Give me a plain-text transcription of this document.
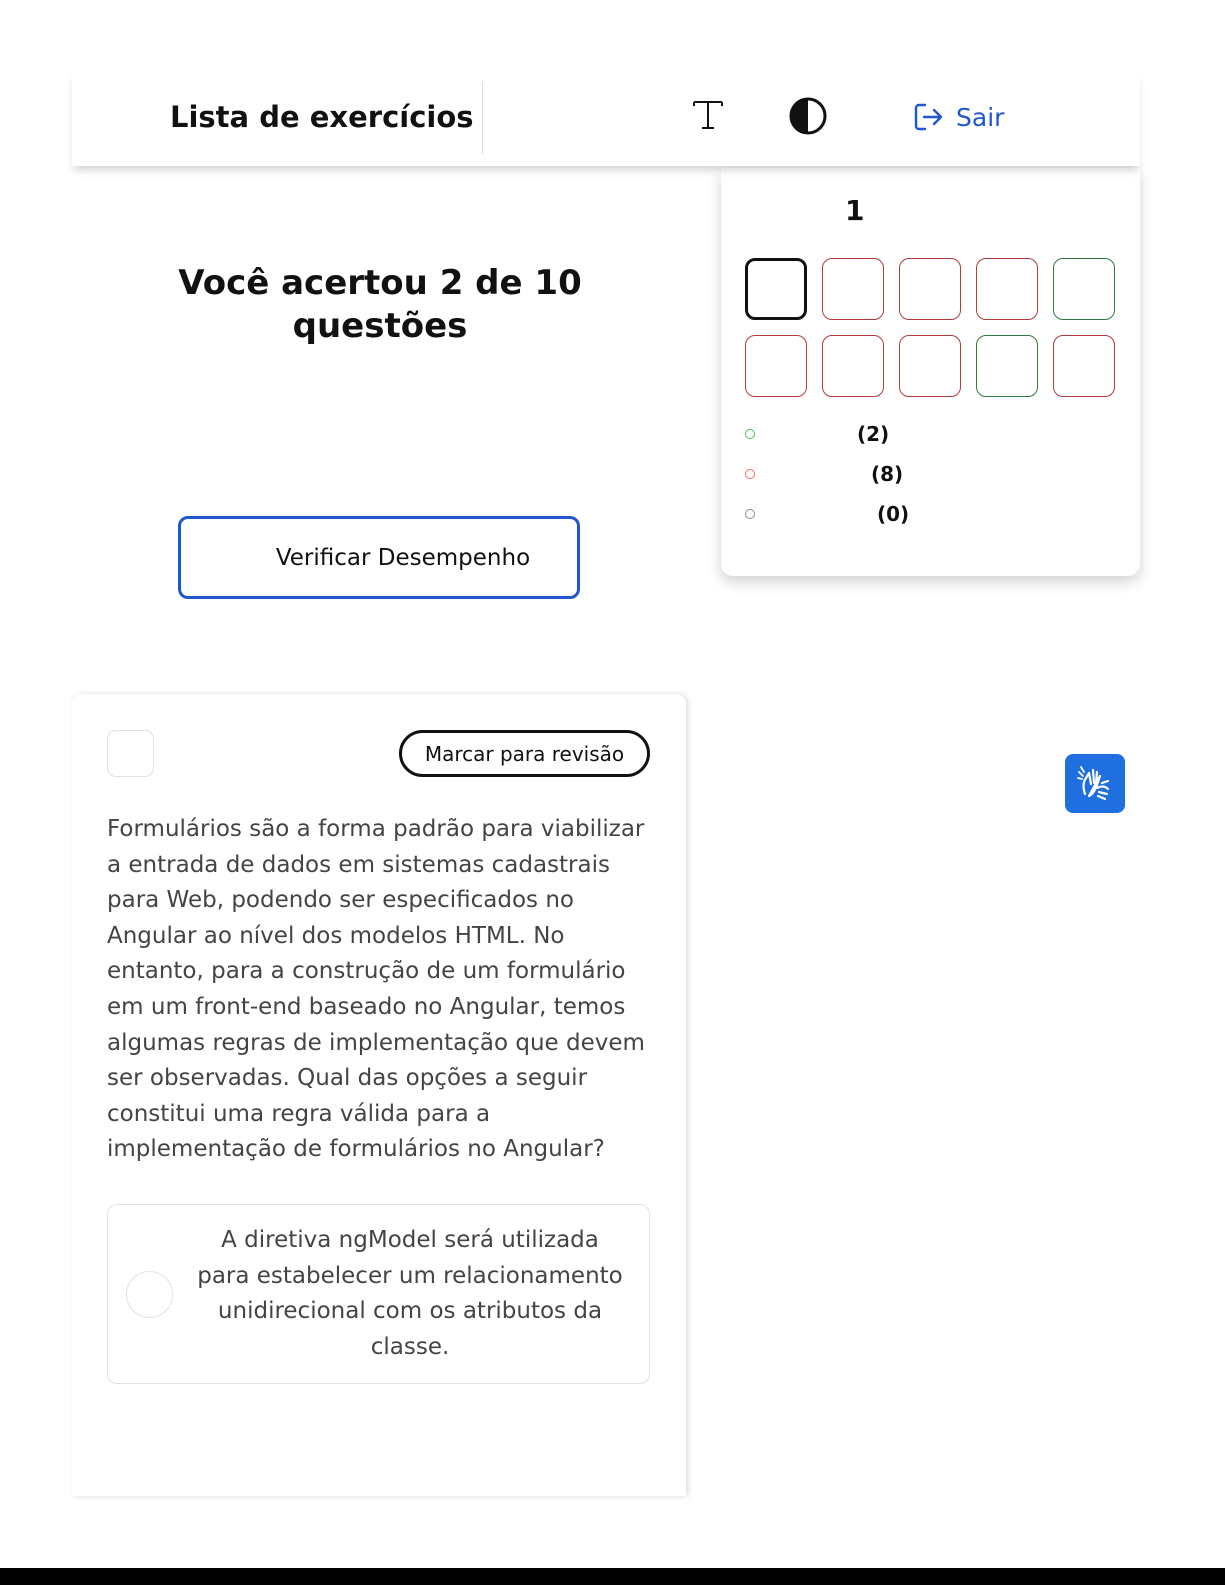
Lista de exercícios	Sair
Você acertou 2 de 10 questões
Verificar Desempenho
1
(2)
(8)
(0)
Marcar para revisão
Formulários são a forma padrão para viabilizar a entrada de dados em sistemas cadastrais para Web, podendo ser especificados no Angular ao nível dos modelos HTML. No entanto, para a construção de um formulário em um front-end baseado no Angular, temos algumas regras de implementação que devem ser observadas. Qual das opções a seguir constitui uma regra válida para a implementação de formulários no Angular?
A diretiva ngModel será utilizada para estabelecer um relacionamento unidirecional com os atributos da classe.
